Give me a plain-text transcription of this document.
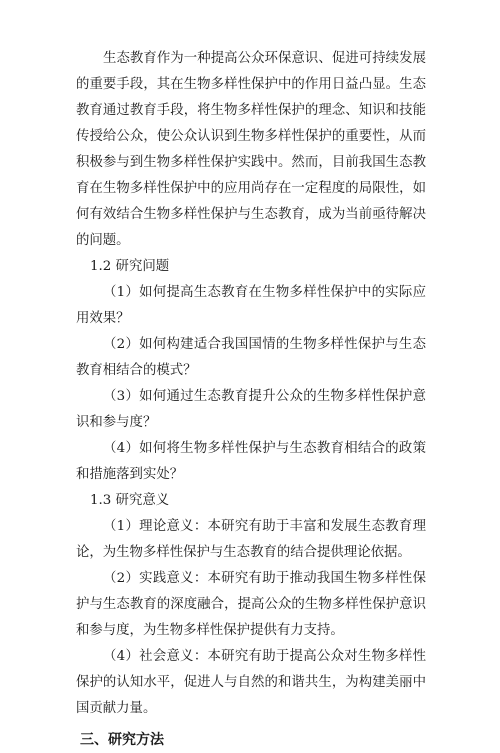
生态教育作为一种提高公众环保意识、促进可持续发展的重要手段，其在生物多样性保护中的作用日益凸显。生态教育通过教育手段，将生物多样性保护的理念、知识和技能传授给公众，使公众认识到生物多样性保护的重要性，从而积极参与到生物多样性保护实践中。然而，目前我国生态教育在生物多样性保护中的应用尚存在一定程度的局限性，如何有效结合生物多样性保护与生态教育，成为当前亟待解决的问题。

1.2 研究问题

（1）如何提高生态教育在生物多样性保护中的实际应用效果？

（2）如何构建适合我国国情的生物多样性保护与生态教育相结合的模式？

（3）如何通过生态教育提升公众的生物多样性保护意识和参与度？

（4）如何将生物多样性保护与生态教育相结合的政策和措施落到实处？

1.3 研究意义

（1）理论意义：本研究有助于丰富和发展生态教育理论，为生物多样性保护与生态教育的结合提供理论依据。

（2）实践意义：本研究有助于推动我国生物多样性保护与生态教育的深度融合，提高公众的生物多样性保护意识和参与度，为生物多样性保护提供有力支持。

（4）社会意义：本研究有助于提高公众对生物多样性保护的认知水平，促进人与自然的和谐共生，为构建美丽中国贡献力量。

三、研究方法
